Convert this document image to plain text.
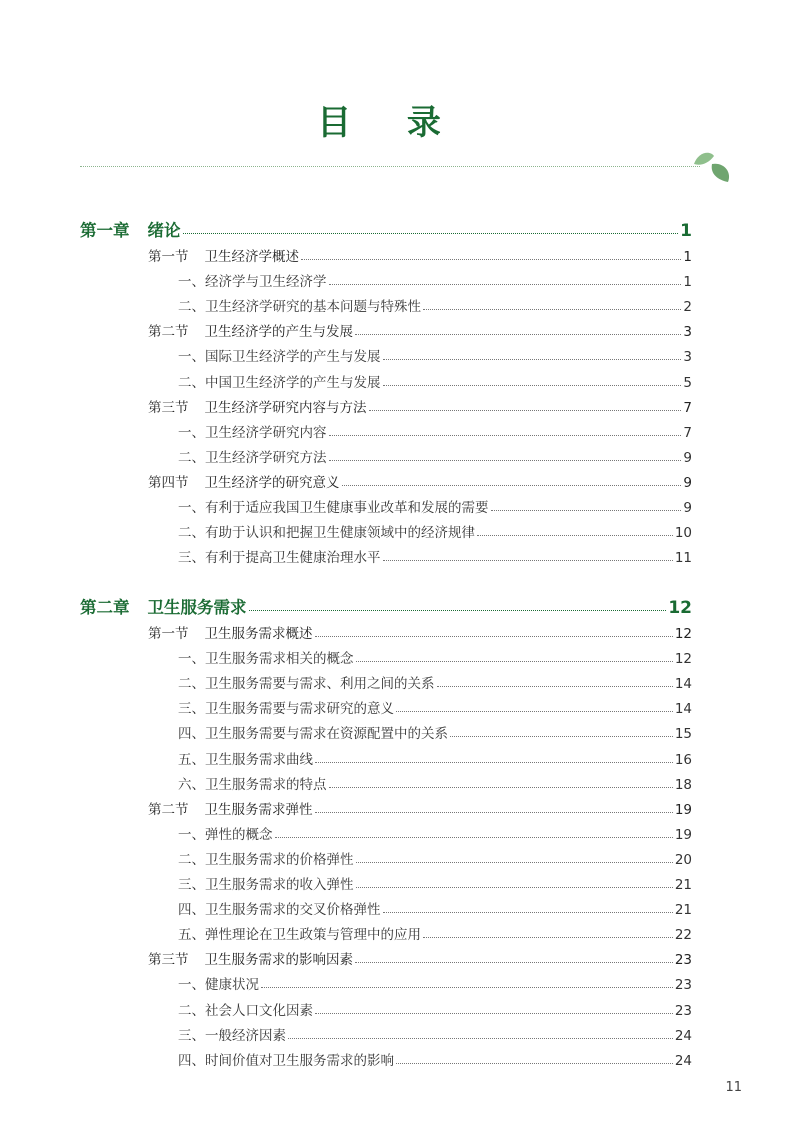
目 录
第一章 绪论	1
第一节 卫生经济学概述	1
一、经济学与卫生经济学	1
二、卫生经济学研究的基本问题与特殊性	2
第二节 卫生经济学的产生与发展	3
一、国际卫生经济学的产生与发展	3
二、中国卫生经济学的产生与发展	5
第三节 卫生经济学研究内容与方法	7
一、卫生经济学研究内容	7
二、卫生经济学研究方法	9
第四节 卫生经济学的研究意义	9
一、有利于适应我国卫生健康事业改革和发展的需要	9
二、有助于认识和把握卫生健康领域中的经济规律	10
三、有利于提高卫生健康治理水平	11
第二章 卫生服务需求	12
第一节 卫生服务需求概述	12
一、卫生服务需求相关的概念	12
二、卫生服务需要与需求、利用之间的关系	14
三、卫生服务需要与需求研究的意义	14
四、卫生服务需要与需求在资源配置中的关系	15
五、卫生服务需求曲线	16
六、卫生服务需求的特点	18
第二节 卫生服务需求弹性	19
一、弹性的概念	19
二、卫生服务需求的价格弹性	20
三、卫生服务需求的收入弹性	21
四、卫生服务需求的交叉价格弹性	21
五、弹性理论在卫生政策与管理中的应用	22
第三节 卫生服务需求的影响因素	23
一、健康状况	23
二、社会人口文化因素	23
三、一般经济因素	24
四、时间价值对卫生服务需求的影响	24
11
